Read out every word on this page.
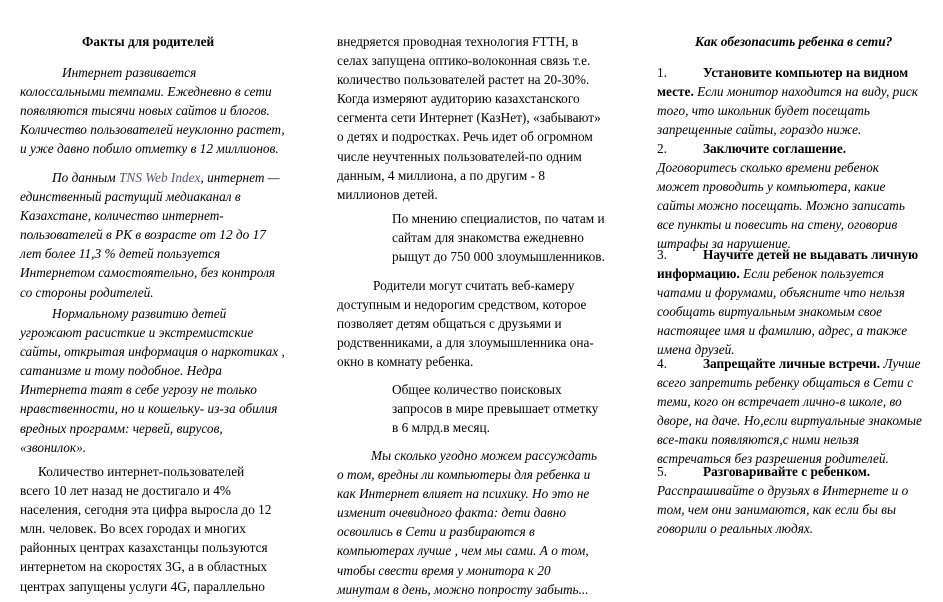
Факты для родителей

Интернет развивается
колоссальными темпами. Ежедневно в сети
появляются тысячи новых сайтов и блогов.
Количество пользователей неуклонно растет,
и уже давно побило отметку в 12 миллионов.

По данным TNS Web Index, интернет —
единственный растущий медиаканал в
Казахстане, количество интернет-
пользователей в РК в возрасте от 12 до 17
лет более 11,3 % детей пользуется
Интернетом самостоятельно, без контроля
со стороны родителей.

Нормальному развитию детей
угрожают расисткие и экстремистские
сайты, открытая информация о наркотиках ,
сатанизме и тому подобное. Недра
Интернета таят в себе угрозу не только
нравственности, но и кошельку- из-за обилия
вредных программ: червей, вирусов,
«звонилок».

Количество интернет-пользователей
всего 10 лет назад не достигало и 4%
населения, сегодня эта цифра выросла до 12
млн. человек. Во всех городах и многих
районных центрах казахстанцы пользуются
интернетом на скоростях 3G, а в областных
центрах запущены услуги 4G, параллельно

внедряется проводная технология FTTH, в
селах запущена оптико-волоконная связь т.е.
количество пользователей растет на 20-30%.
Когда измеряют аудиторию казахстанского
сегмента сети Интернет (КазНет), «забывают»
о детях и подростках. Речь идет об огромном
числе неучтенных пользователей-по одним
данным, 4 миллиона, а по другим - 8
миллионов детей.

По мнению специалистов, по чатам и
сайтам для знакомства ежедневно
рыщут до 750 000 злоумышленников.

Родители могут считать веб-камеру
доступным и недорогим средством, которое
позволяет детям общаться с друзьями и
родственниками, а для злоумышленника она-
окно в комнату ребенка.

Общее количество поисковых
запросов в мире превышает отметку
в 6 млрд.в месяц.

Мы сколько угодно можем рассуждать
о том, вредны ли компьютеры для ребенка и
как Интернет влияет на психику. Но это не
изменит очевидного факта: дети давно
освоились в Сети и разбираются в
компьютерах лучше , чем мы сами. А о том,
чтобы свести время у монитора к 20
минутам в день, можно попросту забыть...

Как обезопасить ребенка в сети?

1.	Установите компьютер на видном

месте. Если монитор находится на виду, риск
того, что школьник будет посещать
запрещенные сайты, гораздо ниже.

2.	Заключите соглашение.

Договоритесь сколько времени ребенок
может проводить у компьютера, какие
сайты можно посещать. Можно записать
все пункты и повесить на стену, оговорив
штрафы за нарушение.

3.	Научите детей не выдавать личную

информацию. Если ребенок пользуется
чатами и форумами, объясните что нельзя
сообщать виртуальным знакомым свое
настоящее имя и фамилию, адрес, а также
имена друзей.

4.	Запрещайте личные встречи. Лучше

всего запретить ребенку общаться в Сети с
теми, кого он встречает лично-в школе, во
дворе, на даче. Но,если виртуальные знакомые
все-таки появляются,с ними нельзя
встречаться без разрешения родителей.

5.	Разговаривайте с ребенком.

Расспрашивайте о друзьях в Интернете и о
том, чем они занимаются, как если бы вы
говорили о реальных людях.
